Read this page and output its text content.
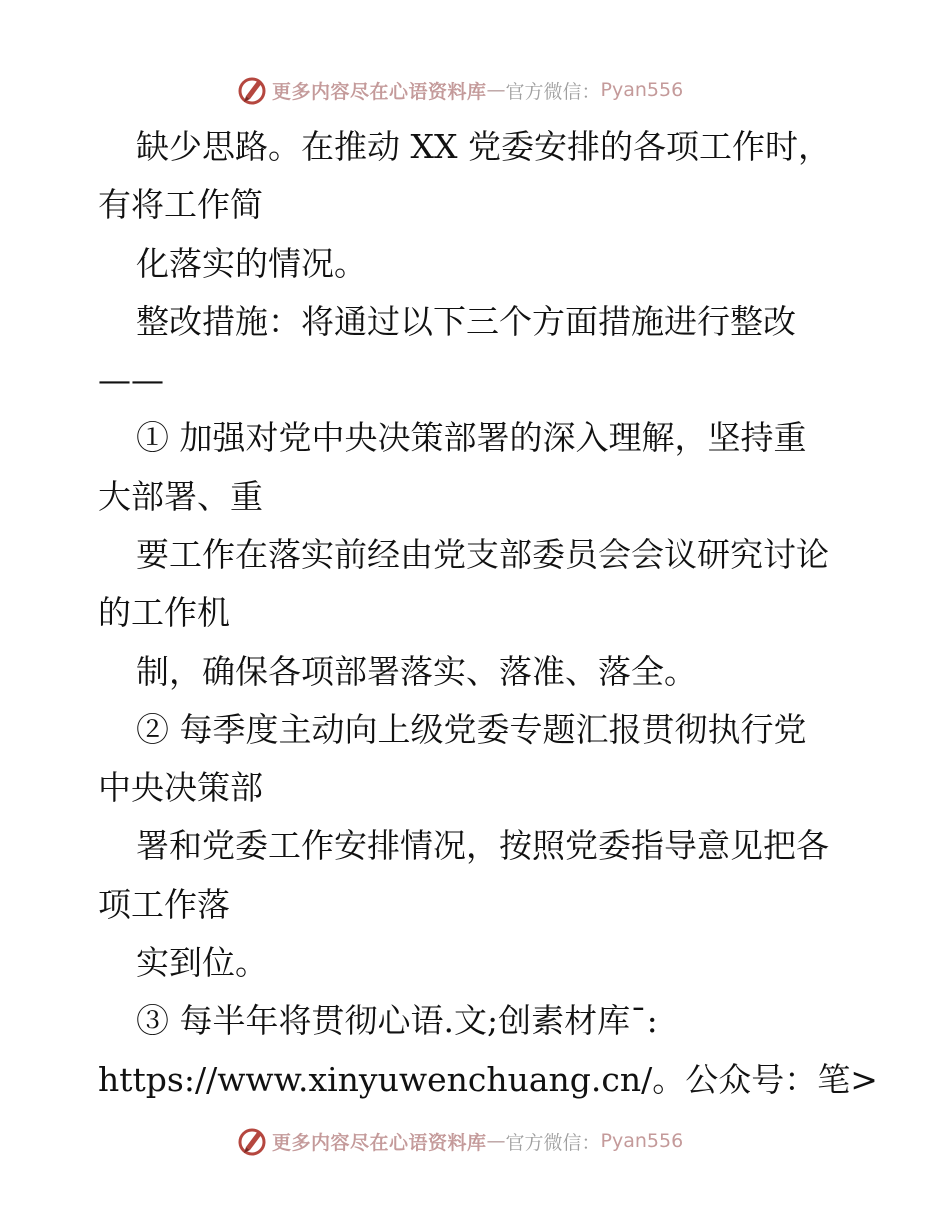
更多内容尽在心语资料库 — 官方微信： Pyan556

缺少思路。在推动 XX 党委安排的各项工作时，

有将工作简

化落实的情况。

整改措施：将通过以下三个方面措施进行整改

——

① 加强对党中央决策部署的深入理解，坚持重

大部署、重

要工作在落实前经由党支部委员会会议研究讨论

的工作机

制，确保各项部署落实、落准、落全。

② 每季度主动向上级党委专题汇报贯彻执行党

中央决策部

署和党委工作安排情况，按照党委指导意见把各

项工作落

实到位。

③ 每半年将贯彻心语.文;创素材库¯:

https://www.xinyuwenchuang.cn/。公众号：笔>

更多内容尽在心语资料库 — 官方微信： Pyan556
